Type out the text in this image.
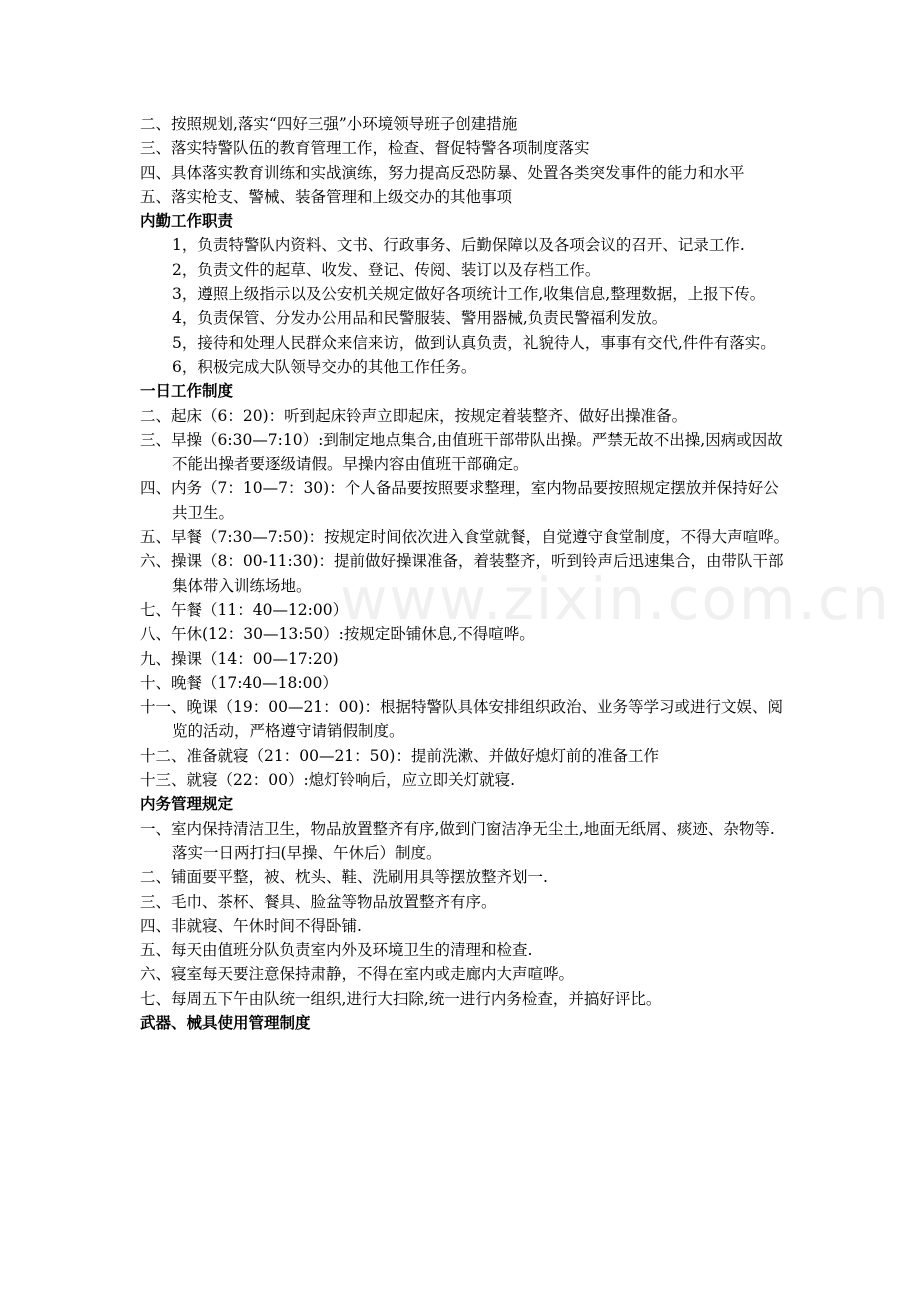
www.zixin.com.cn
二、按照规划,落实“四好三强”小环境领导班子创建措施
三、落实特警队伍的教育管理工作，检查、督促特警各项制度落实
四、具体落实教育训练和实战演练，努力提高反恐防暴、处置各类突发事件的能力和水平
五、落实枪支、警械、装备管理和上级交办的其他事项
内勤工作职责
1，负责特警队内资料、文书、行政事务、后勤保障以及各项会议的召开、记录工作.
2，负责文件的起草、收发、登记、传阅、装订以及存档工作。
3，遵照上级指示以及公安机关规定做好各项统计工作,收集信息,整理数据，上报下传。
4，负责保管、分发办公用品和民警服装、警用器械,负责民警福利发放。
5，接待和处理人民群众来信来访，做到认真负责，礼貌待人，事事有交代,件件有落实。
6，积极完成大队领导交办的其他工作任务。
一日工作制度
二、起床（6：20)：听到起床铃声立即起床，按规定着装整齐、做好出操准备。
三、早操（6:30—7:10）:到制定地点集合,由值班干部带队出操。严禁无故不出操,因病或因故不能出操者要逐级请假。早操内容由值班干部确定。
四、内务（7：10—7：30)：个人备品要按照要求整理，室内物品要按照规定摆放并保持好公共卫生。
五、早餐（7:30—7:50)：按规定时间依次进入食堂就餐，自觉遵守食堂制度，不得大声喧哗。
六、操课（8：00-11:30)：提前做好操课准备，着装整齐，听到铃声后迅速集合，由带队干部集体带入训练场地。
七、午餐（11：40—12:00）
八、午休(12：30—13:50）:按规定卧铺休息,不得喧哗。
九、操课（14：00—17:20)
十、晚餐（17:40—18:00）
十一、晚课（19：00—21：00)：根据特警队具体安排组织政治、业务等学习或进行文娱、阅览的活动，严格遵守请销假制度。
十二、准备就寝（21：00—21：50)：提前洗漱、并做好熄灯前的准备工作
十三、就寝（22：00）:熄灯铃响后，应立即关灯就寝.
内务管理规定
一、室内保持清洁卫生，物品放置整齐有序,做到门窗洁净无尘土,地面无纸屑、痰迹、杂物等.落实一日两打扫(早操、午休后）制度。
二、铺面要平整，被、枕头、鞋、洗刷用具等摆放整齐划一.
三、毛巾、茶杯、餐具、脸盆等物品放置整齐有序。
四、非就寝、午休时间不得卧铺.
五、每天由值班分队负责室内外及环境卫生的清理和检查.
六、寝室每天要注意保持肃静，不得在室内或走廊内大声喧哗。
七、每周五下午由队统一组织,进行大扫除,统一进行内务检查，并搞好评比。
武器、械具使用管理制度
